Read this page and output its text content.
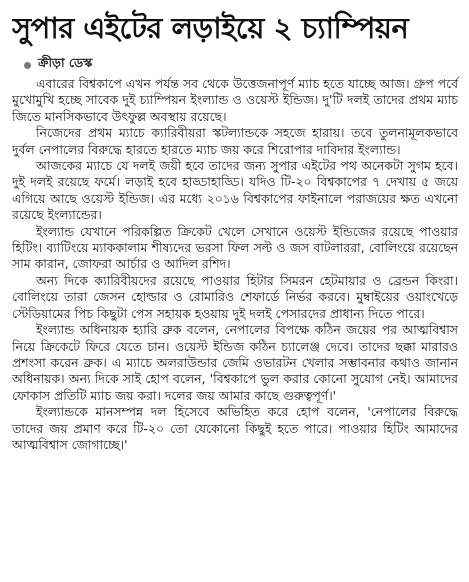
সুপার এইটের লড়াইয়ে ২ চ্যাম্পিয়ন
ক্রীড়া ডেস্ক

এবারের বিশ্বকাপে এখন পর্যন্ত সব থেকে উত্তেজনাপূর্ণ ম্যাচ হতে যাচ্ছে আজ। গ্রুপ পর্বে মুখোমুখি হচ্ছে সাবেক দুই চ্যাম্পিয়ন ইংল্যান্ড ও ওয়েস্ট ইন্ডিজ। দু'টি দলই তাদের প্রথম ম্যাচ জিতে মানসিকভাবে উৎফুল্ল অবস্থায় রয়েছে।

নিজেদের প্রথম ম্যাচে ক্যারিবীয়রা স্কটল্যান্ডকে সহজে হারায়। তবে তুলনামূলকভাবে দুর্বল নেপালের বিরুদ্ধে হারতে হারতে ম্যাচ জয় করে শিরোপার দাবিদার ইংল্যান্ড।

আজকের ম্যাচে যে দলই জয়ী হবে তাদের জন্য সুপার এইটের পথ অনেকটা সুগম হবে। দুই দলই রয়েছে ফর্মে। লড়াই হবে হাড্ডাহাড্ডি। যদিও টি-২০ বিশ্বকাপের ৭ দেখায় ৫ জয়ে এগিয়ে আছে ওয়েস্ট ইন্ডিজ। এর মধ্যে ২০১৬ বিশ্বকাপের ফাইনালে পরাজয়ের ক্ষত এখনো রয়েছে ইংল্যান্ডের।

ইংল্যান্ড যেখানে পরিকল্পিত ক্রিকেট খেলে সেখানে ওয়েস্ট ইন্ডিজের রয়েছে পাওয়ার হিটিং। ব্যাটিংয়ে ম্যাককালাম শীষ্যদের ভরসা ফিল সল্ট ও জস বাটলাররা, বোলিংয়ে রয়েছেন সাম কারান, জোফরা আর্চার ও আদিল রশিদ।

অন্য দিকে ক্যারিবীয়দের রয়েছে পাওয়ার হিটার সিমরন হেটমায়ার ও ব্রেন্ডন কিংরা। বোলিংয়ে তারা জেসন হোল্ডার ও রোমারিও শেফার্ডে নির্ভর করবে। মুম্বাইয়ের ওয়াংখেড়ে স্টেডিয়ামের পিচ কিছুটা পেস সহায়ক হওয়ায় দুই দলই পেসারদের প্রাধান্য দিতে পারে।

ইংল্যান্ড অধিনায়ক হ্যারি ব্রুক বলেন, নেপালের বিপক্ষে কঠিন জয়ের পর আত্মবিশ্বাস নিয়ে ক্রিকেটে ফিরে যেতে চান। ওয়েস্ট ইন্ডিজ কঠিন চ্যালেঞ্জ দেবে। তাদের ছক্কা মারারও প্রশংসা করেন ব্রুক। এ ম্যাচে অলরাউন্ডার জেমি ওভারটন খেলার সম্ভাবনার কথাও জানান অধিনায়ক। অন্য দিকে সাই হোপ বলেন, 'বিশ্বকাপে ভুল করার কোনো সুযোগ নেই। আমাদের ফোকাস প্রতিটি ম্যাচ জয় করা। দলের জয় আমার কাছে গুরুত্বপূর্ণ।'

ইংল্যান্ডকে মানসম্পন্ন দল হিসেবে অভিহিত করে হোপ বলেন, 'নেপালের বিরুদ্ধে তাদের জয় প্রমাণ করে টি-২০ তো যেকোনো কিছুই হতে পারে। পাওয়ার হিটিং আমাদের আত্মবিশ্বাস জোগাচ্ছে।'
